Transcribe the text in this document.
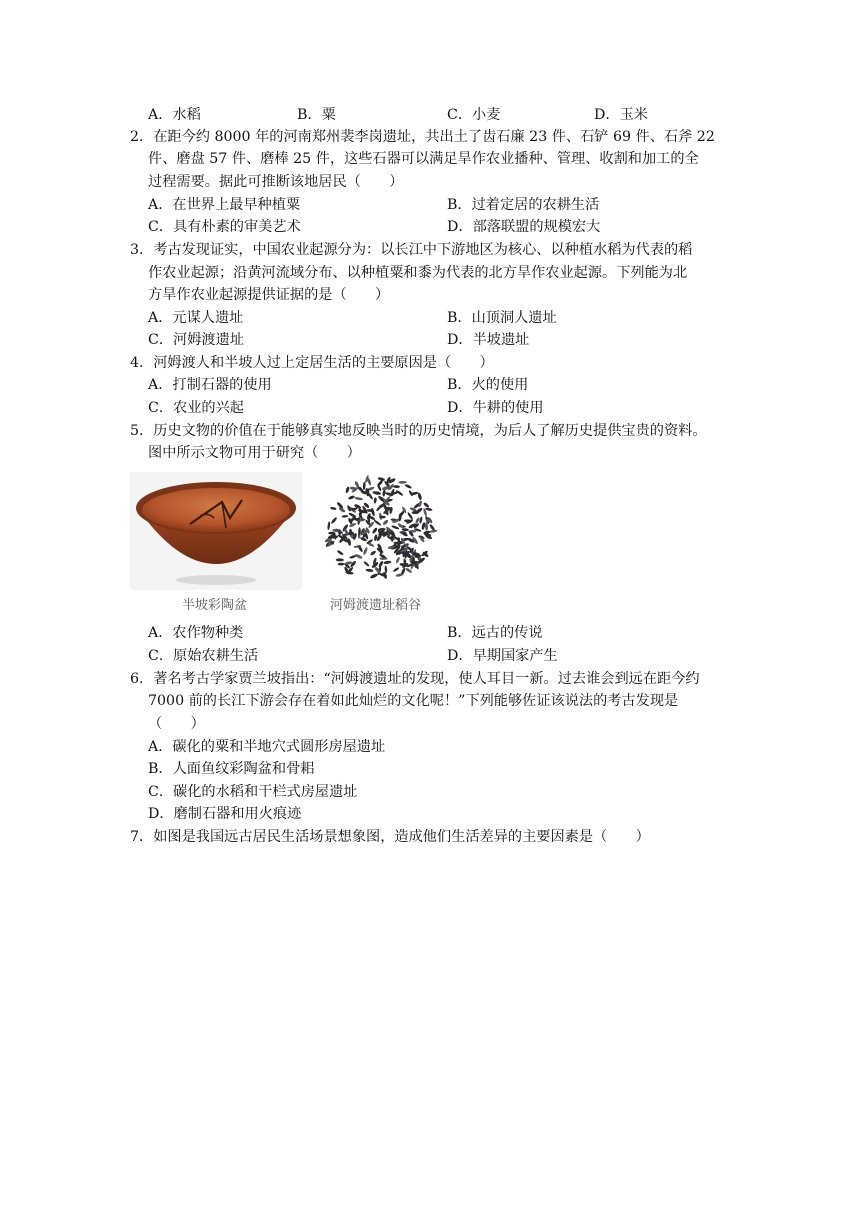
A．水稻	B．粟	C．小麦	D．玉米
2．在距今约 8000 年的河南郑州裴李岗遗址，共出土了齿石廉 23 件、石铲 69 件、石斧 22
件、磨盘 57 件、磨棒 25 件，这些石器可以满足旱作农业播种、管理、收割和加工的全
过程需要。据此可推断该地居民（　　）
A．在世界上最早种植粟	B．过着定居的农耕生活
C．具有朴素的审美艺术	D．部落联盟的规模宏大
3．考古发现证实，中国农业起源分为：以长江中下游地区为核心、以种植水稻为代表的稻
作农业起源；沿黄河流域分布、以种植粟和黍为代表的北方旱作农业起源。下列能为北
方旱作农业起源提供证据的是（　　）
A．元谋人遗址	B．山顶洞人遗址
C．河姆渡遗址	D．半坡遗址
4．河姆渡人和半坡人过上定居生活的主要原因是（　　）
A．打制石器的使用	B．火的使用
C．农业的兴起	D．牛耕的使用
5．历史文物的价值在于能够真实地反映当时的历史情境，为后人了解历史提供宝贵的资料。
图中所示文物可用于研究（　　）
半坡彩陶盆	河姆渡遗址稻谷
A．农作物种类	B．远古的传说
C．原始农耕生活	D．早期国家产生
6．著名考古学家贾兰坡指出：“河姆渡遗址的发现，使人耳目一新。过去谁会到远在距今约
7000 前的长江下游会存在着如此灿烂的文化呢！”下列能够佐证该说法的考古发现是
（　　）
A．碳化的粟和半地穴式圆形房屋遗址
B．人面鱼纹彩陶盆和骨耜
C．碳化的水稻和干栏式房屋遗址
D．磨制石器和用火痕迹
7．如图是我国远古居民生活场景想象图，造成他们生活差异的主要因素是（　　）
